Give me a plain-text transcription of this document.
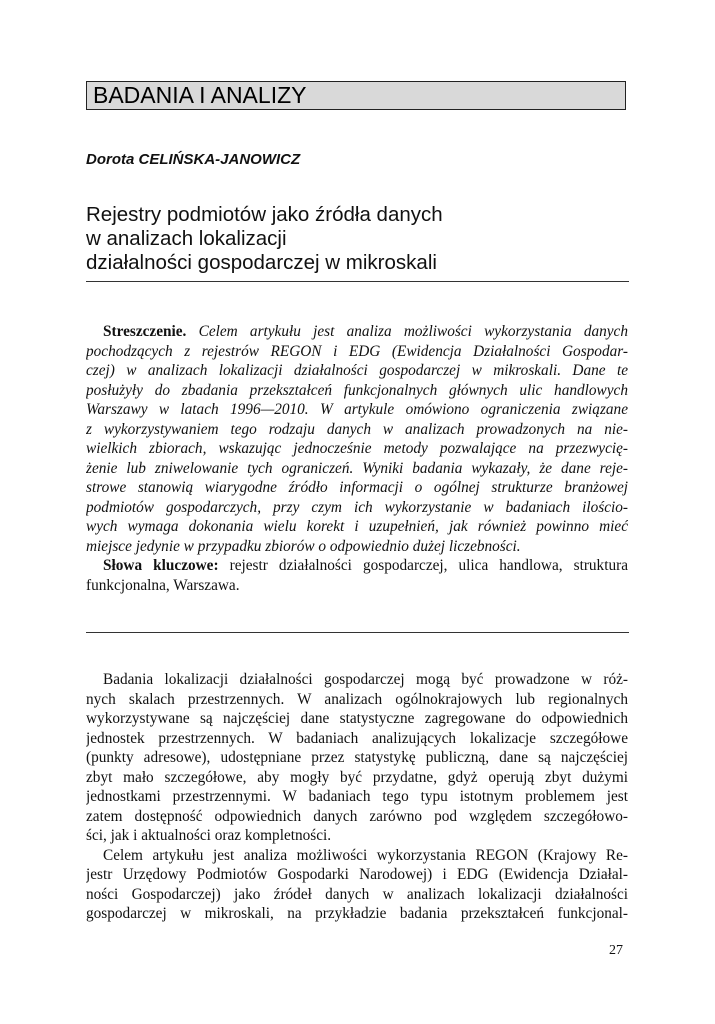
BADANIA I ANALIZY
Dorota CELIŃSKA-JANOWICZ
Rejestry podmiotów jako źródła danych
w analizach lokalizacji
działalności gospodarczej w mikroskali
Streszczenie. Celem artykułu jest analiza możliwości wykorzystania danych
pochodzących z rejestrów REGON i EDG (Ewidencja Działalności Gospodar-
czej) w analizach lokalizacji działalności gospodarczej w mikroskali. Dane te
posłużyły do zbadania przekształceń funkcjonalnych głównych ulic handlowych
Warszawy w latach 1996—2010. W artykule omówiono ograniczenia związane
z wykorzystywaniem tego rodzaju danych w analizach prowadzonych na nie-
wielkich zbiorach, wskazując jednocześnie metody pozwalające na przezwycię-
żenie lub zniwelowanie tych ograniczeń. Wyniki badania wykazały, że dane reje-
strowe stanowią wiarygodne źródło informacji o ogólnej strukturze branżowej
podmiotów gospodarczych, przy czym ich wykorzystanie w badaniach ilościo-
wych wymaga dokonania wielu korekt i uzupełnień, jak również powinno mieć
miejsce jedynie w przypadku zbiorów o odpowiednio dużej liczebności.
Słowa kluczowe: rejestr działalności gospodarczej, ulica handlowa, struktura
funkcjonalna, Warszawa.
Badania lokalizacji działalności gospodarczej mogą być prowadzone w róż-
nych skalach przestrzennych. W analizach ogólnokrajowych lub regionalnych
wykorzystywane są najczęściej dane statystyczne zagregowane do odpowiednich
jednostek przestrzennych. W badaniach analizujących lokalizacje szczegółowe
(punkty adresowe), udostępniane przez statystykę publiczną, dane są najczęściej
zbyt mało szczegółowe, aby mogły być przydatne, gdyż operują zbyt dużymi
jednostkami przestrzennymi. W badaniach tego typu istotnym problemem jest
zatem dostępność odpowiednich danych zarówno pod względem szczegółowo-
ści, jak i aktualności oraz kompletności.
Celem artykułu jest analiza możliwości wykorzystania REGON (Krajowy Re-
jestr Urzędowy Podmiotów Gospodarki Narodowej) i EDG (Ewidencja Działal-
ności Gospodarczej) jako źródeł danych w analizach lokalizacji działalności
gospodarczej w mikroskali, na przykładzie badania przekształceń funkcjonal-
27
